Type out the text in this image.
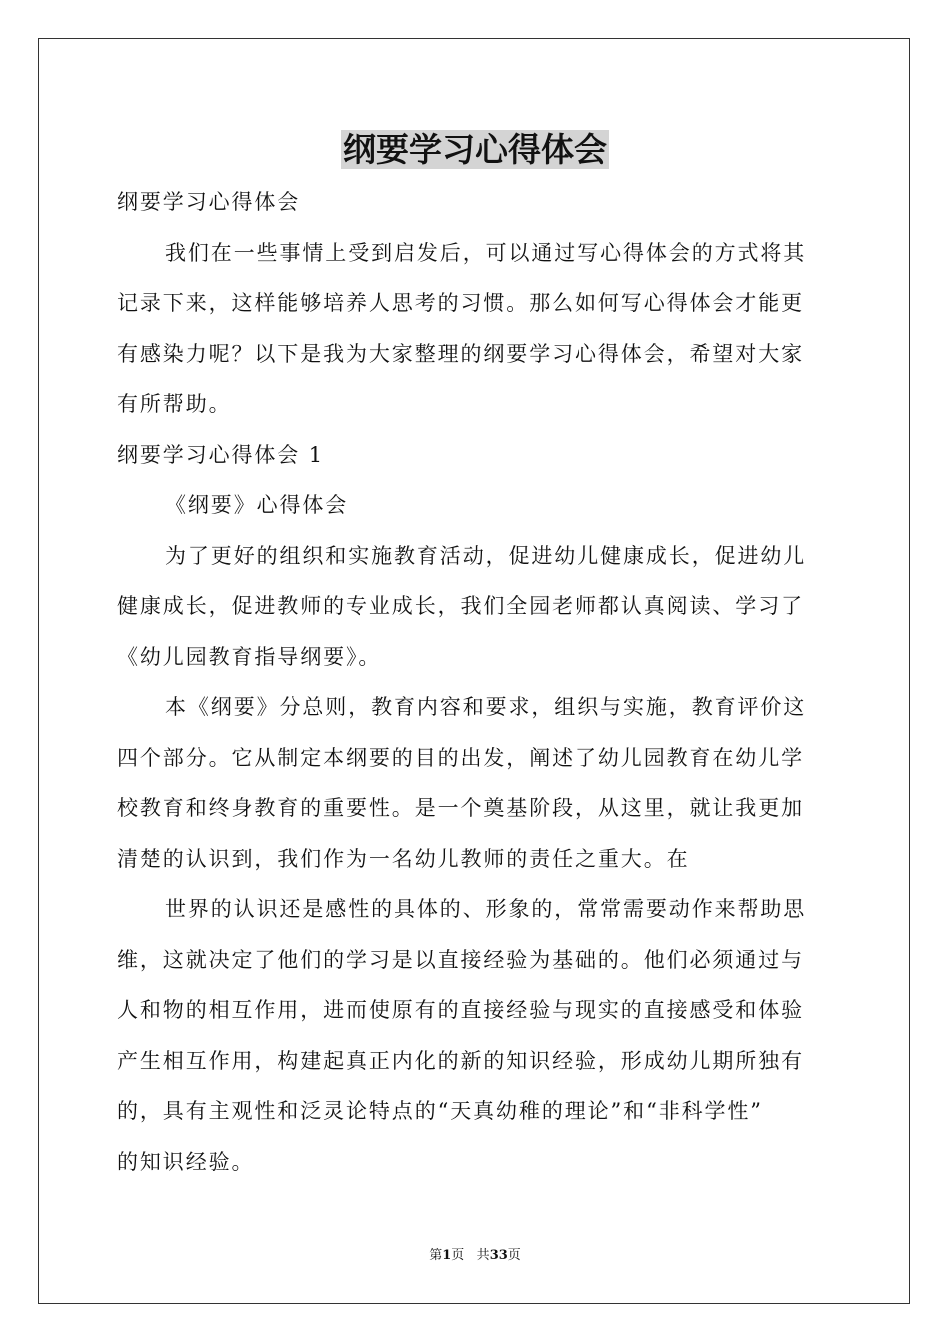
纲要学习心得体会

纲要学习心得体会

我们在一些事情上受到启发后，可以通过写心得体会的方式将其

记录下来，这样能够培养人思考的习惯。那么如何写心得体会才能更

有感染力呢？以下是我为大家整理的纲要学习心得体会，希望对大家

有所帮助。

纲要学习心得体会 1

《纲要》心得体会

为了更好的组织和实施教育活动，促进幼儿健康成长，促进幼儿

健康成长，促进教师的专业成长，我们全园老师都认真阅读、学习了

《幼儿园教育指导纲要》。

本《纲要》分总则，教育内容和要求，组织与实施，教育评价这

四个部分。它从制定本纲要的目的出发，阐述了幼儿园教育在幼儿学

校教育和终身教育的重要性。是一个奠基阶段，从这里，就让我更加

清楚的认识到，我们作为一名幼儿教师的责任之重大。在

世界的认识还是感性的具体的、形象的，常常需要动作来帮助思

维，这就决定了他们的学习是以直接经验为基础的。他们必须通过与

人和物的相互作用，进而使原有的直接经验与现实的直接感受和体验

产生相互作用，构建起真正内化的新的知识经验，形成幼儿期所独有

的，具有主观性和泛灵论特点的“天真幼稚的理论”和“非科学性”

的知识经验。

第1页 共33页
